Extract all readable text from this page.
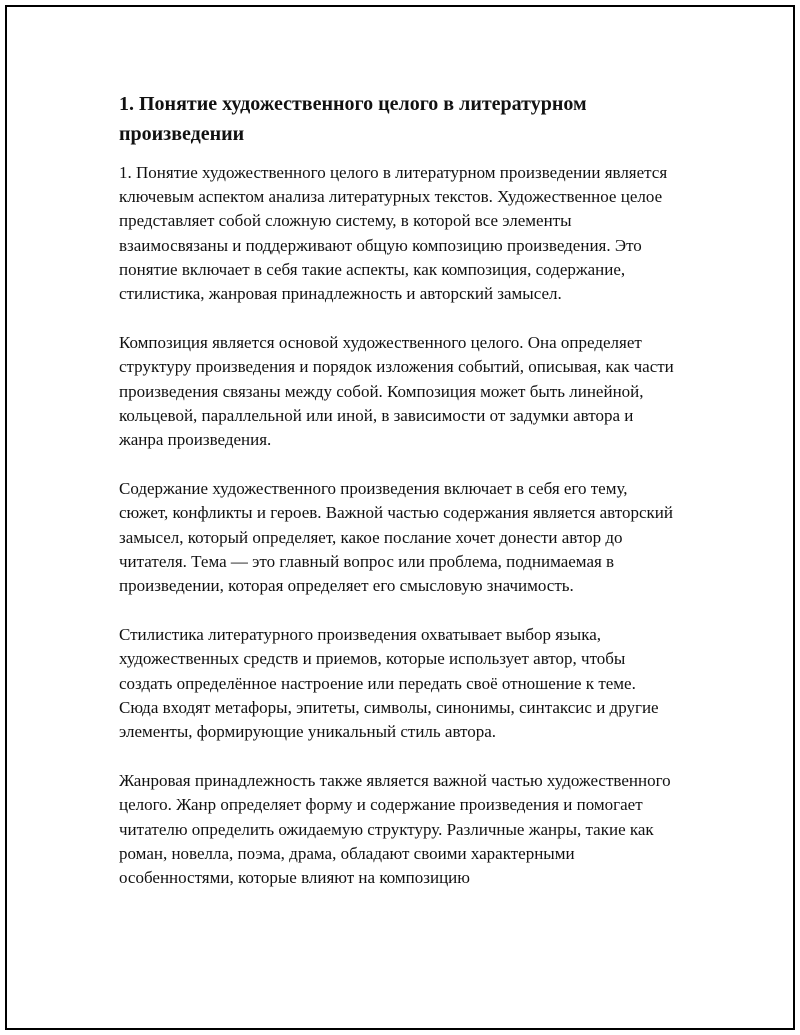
1. Понятие художественного целого в литературном произведении

1. Понятие художественного целого в литературном произведении является ключевым аспектом анализа литературных текстов. Художественное целое представляет собой сложную систему, в которой все элементы взаимосвязаны и поддерживают общую композицию произведения. Это понятие включает в себя такие аспекты, как композиция, содержание, стилистика, жанровая принадлежность и авторский замысел.

Композиция является основой художественного целого. Она определяет структуру произведения и порядок изложения событий, описывая, как части произведения связаны между собой. Композиция может быть линейной, кольцевой, параллельной или иной, в зависимости от задумки автора и жанра произведения.

Содержание художественного произведения включает в себя его тему, сюжет, конфликты и героев. Важной частью содержания является авторский замысел, который определяет, какое послание хочет донести автор до читателя. Тема — это главный вопрос или проблема, поднимаемая в произведении, которая определяет его смысловую значимость.

Стилистика литературного произведения охватывает выбор языка, художественных средств и приемов, которые использует автор, чтобы создать определённое настроение или передать своё отношение к теме. Сюда входят метафоры, эпитеты, символы, синонимы, синтаксис и другие элементы, формирующие уникальный стиль автора.

Жанровая принадлежность также является важной частью художественного целого. Жанр определяет форму и содержание произведения и помогает читателю определить ожидаемую структуру. Различные жанры, такие как роман, новелла, поэма, драма, обладают своими характерными особенностями, которые влияют на композицию
